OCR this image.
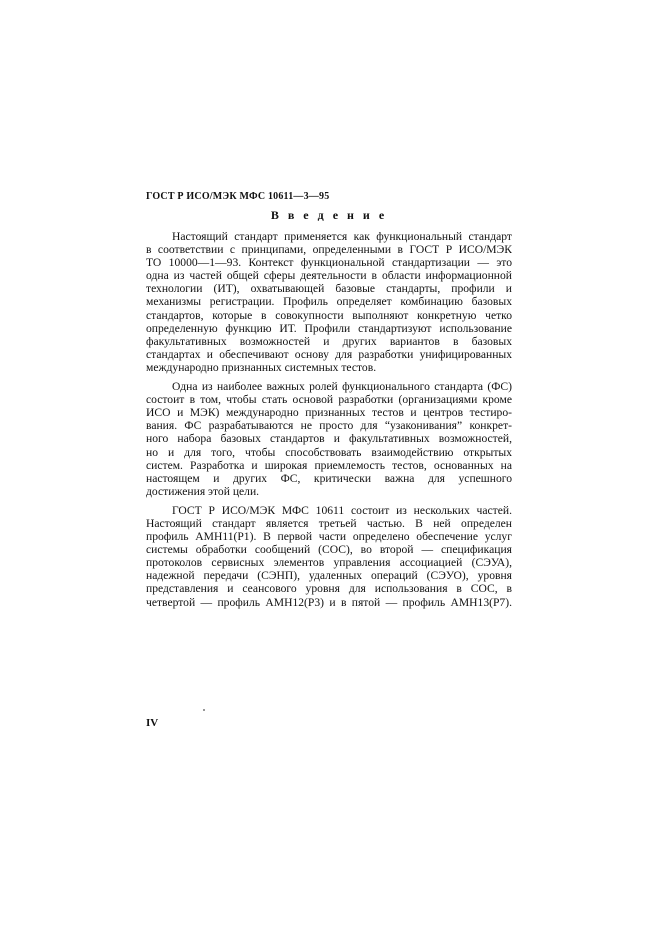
ГОСТ Р ИСО/МЭК МФС 10611—3—95
В в е д е н и е
Настоящий стандарт применяется как функциональный стандарт
в соответствии с принципами, определенными в ГОСТ Р ИСО/МЭК
ТО 10000—1—93. Контекст функциональной стандартизации — это
одна из частей общей сферы деятельности в области информационной
технологии (ИТ), охватывающей базовые стандарты, профили и
механизмы регистрации. Профиль определяет комбинацию базовых
стандартов, которые в совокупности выполняют конкретную четко
определенную функцию ИТ. Профили стандартизуют использование
факультативных возможностей и других вариантов в базовых
стандартах и обеспечивают основу для разработки унифицированных
международно признанных системных тестов.
Одна из наиболее важных ролей функционального стандарта (ФС)
состоит в том, чтобы стать основой разработки (организациями кроме
ИСО и МЭК) международно признанных тестов и центров тестиро-
вания. ФС разрабатываются не просто для “узаконивания” конкрет-
ного набора базовых стандартов и факультативных возможностей,
но и для того, чтобы способствовать взаимодействию открытых
систем. Разработка и широкая приемлемость тестов, основанных на
настоящем и других ФС, критически важна для успешного
достижения этой цели.
ГОСТ Р ИСО/МЭК МФС 10611 состоит из нескольких частей.
Настоящий стандарт является третьей частью. В ней определен
профиль АМН11(Р1). В первой части определено обеспечение услуг
системы обработки сообщений (СОС), во второй — спецификация
протоколов сервисных элементов управления ассоциацией (СЭУА),
надежной передачи (СЭНП), удаленных операций (СЭУО), уровня
представления и сеансового уровня для использования в СОС, в
четвертой — профиль АМН12(Р3) и в пятой — профиль АМН13(Р7).
IV
